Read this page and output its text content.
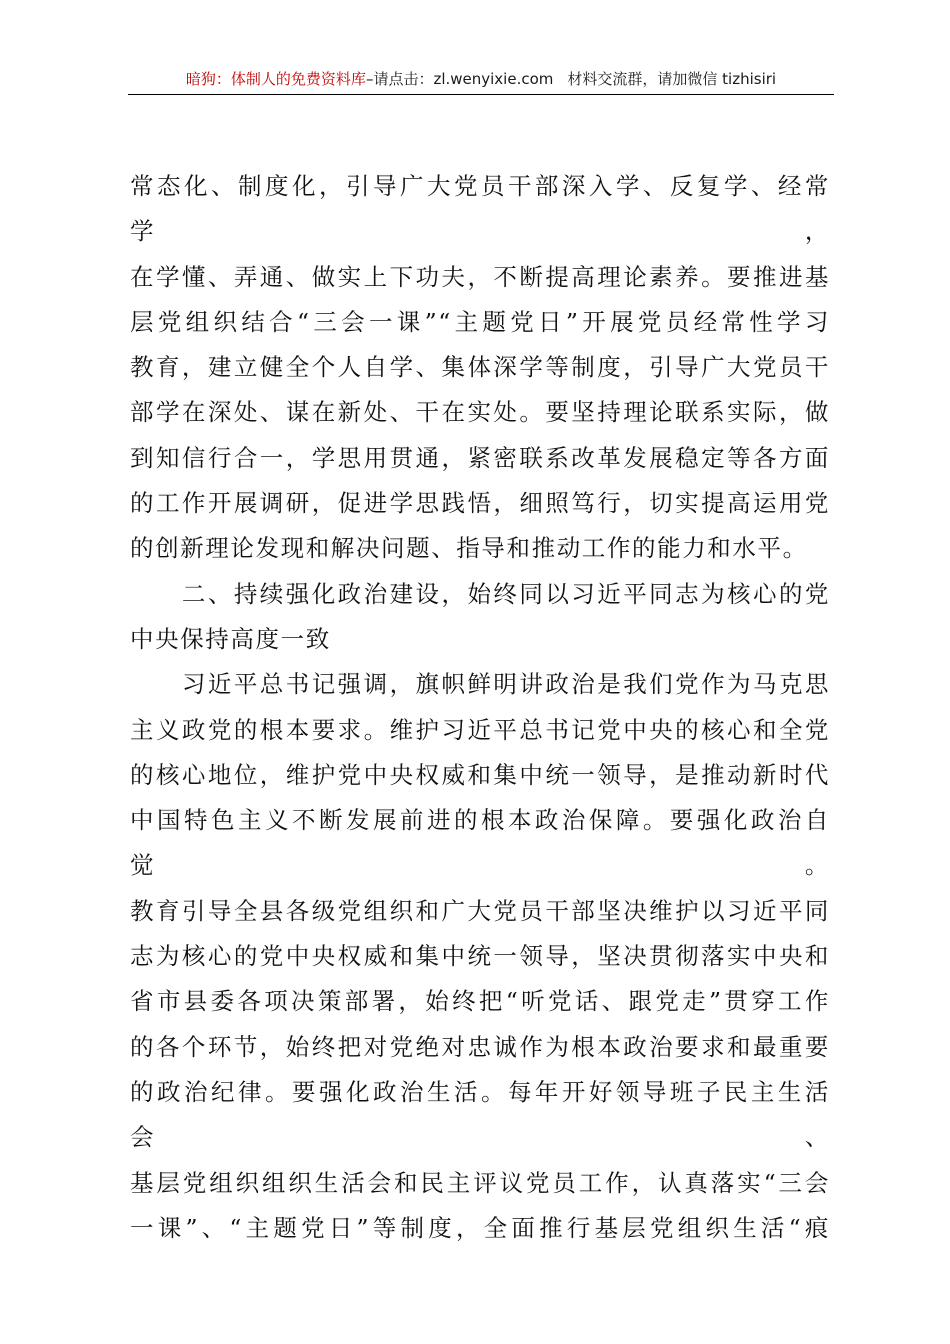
暗狗：体制人的免费资料库–请点击：zl.wenyixie.com 材料交流群，请加微信 tizhisiri

常态化、制度化，引导广大党员干部深入学、反复学、经常学，

在学懂、弄通、做实上下功夫，不断提高理论素养。要推进基

层党组织结合“三会一课”“主题党日”开展党员经常性学习

教育，建立健全个人自学、集体深学等制度，引导广大党员干

部学在深处、谋在新处、干在实处。要坚持理论联系实际，做

到知信行合一，学思用贯通，紧密联系改革发展稳定等各方面

的工作开展调研，促进学思践悟，细照笃行，切实提高运用党

的创新理论发现和解决问题、指导和推动工作的能力和水平。

　　二、持续强化政治建设，始终同以习近平同志为核心的党

中央保持高度一致

　　习近平总书记强调，旗帜鲜明讲政治是我们党作为马克思

主义政党的根本要求。维护习近平总书记党中央的核心和全党

的核心地位，维护党中央权威和集中统一领导，是推动新时代

中国特色主义不断发展前进的根本政治保障。要强化政治自觉。

教育引导全县各级党组织和广大党员干部坚决维护以习近平同

志为核心的党中央权威和集中统一领导，坚决贯彻落实中央和

省市县委各项决策部署，始终把“听党话、跟党走”贯穿工作

的各个环节，始终把对党绝对忠诚作为根本政治要求和最重要

的政治纪律。要强化政治生活。每年开好领导班子民主生活会、

基层党组织组织生活会和民主评议党员工作，认真落实“三会

一课”、“主题党日”等制度，全面推行基层党组织生活“痕
